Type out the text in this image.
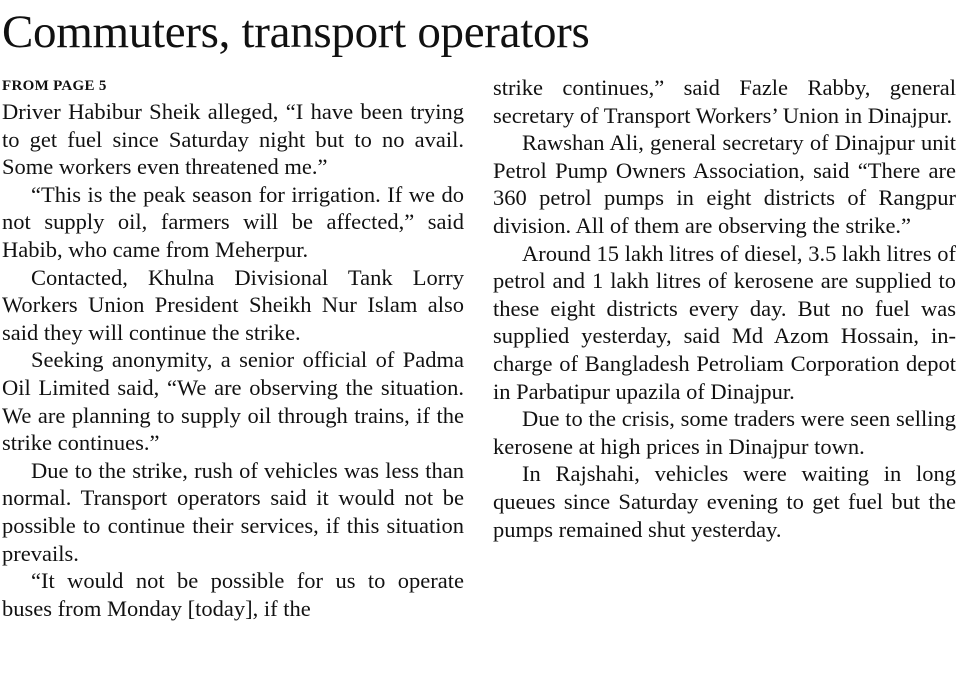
Commuters, transport operators
FROM PAGE 5

Driver Habibur Sheik alleged, “I have been trying to get fuel since Saturday night but to no avail. Some workers even threatened me.”

“This is the peak season for irrigation. If we do not supply oil, farmers will be affected,” said Habib, who came from Meherpur.

Contacted, Khulna Divisional Tank Lorry Workers Union President Sheikh Nur Islam also said they will continue the strike.

Seeking anonymity, a senior official of Padma Oil Limited said, “We are observing the situation. We are planning to supply oil through trains, if the strike continues.”

Due to the strike, rush of vehicles was less than normal. Transport operators said it would not be possible to continue their services, if this situation prevails.

“It would not be possible for us to operate buses from Monday [today], if the

strike continues,” said Fazle Rabby, general secretary of Transport Workers’ Union in Dinajpur.

Rawshan Ali, general secretary of Dinajpur unit Petrol Pump Owners Association, said “There are 360 petrol pumps in eight districts of Rangpur division. All of them are observing the strike.”

Around 15 lakh litres of diesel, 3.5 lakh litres of petrol and 1 lakh litres of kerosene are supplied to these eight districts every day. But no fuel was supplied yesterday, said Md Azom Hossain, in-charge of Bangladesh Petroliam Corporation depot in Parbatipur upazila of Dinajpur.

Due to the crisis, some traders were seen selling kerosene at high prices in Dinajpur town.

In Rajshahi, vehicles were waiting in long queues since Saturday evening to get fuel but the pumps remained shut yesterday.
